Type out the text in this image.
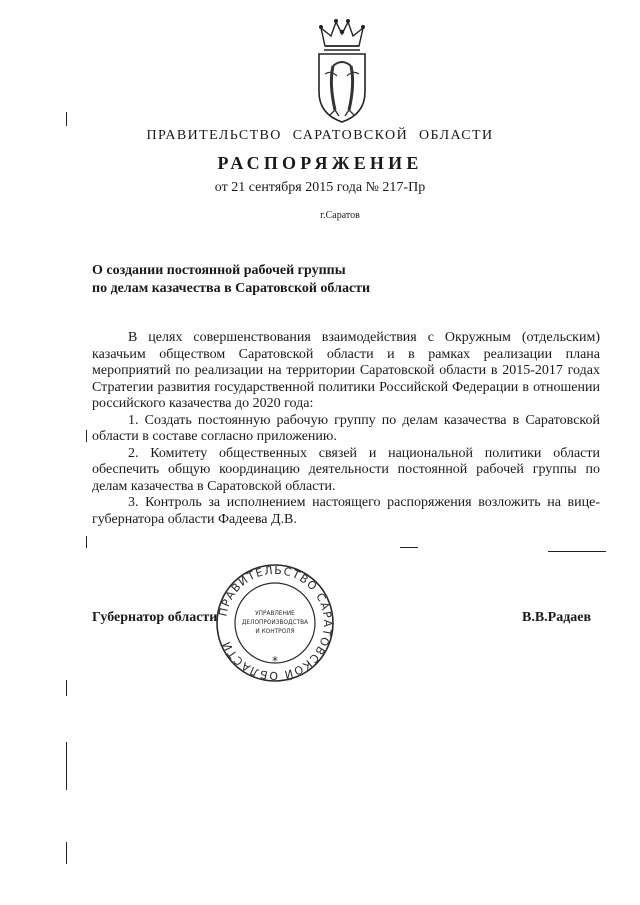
ПРАВИТЕЛЬСТВО САРАТОВСКОЙ ОБЛАСТИ
РАСПОРЯЖЕНИЕ
от 21 сентября 2015 года № 217-Пр
г.Саратов
О создании постоянной рабочей группы
по делам казачества в Саратовской области

В целях совершенствования взаимодействия с Окружным (отдельским) казачьим обществом Саратовской области и в рамках реализации плана мероприятий по реализации на территории Саратовской области в 2015-2017 годах Стратегии развития государственной политики Российской Федерации в отношении российского казачества до 2020 года:

1. Создать постоянную рабочую группу по делам казачества в Саратовской области в составе согласно приложению.

2. Комитету общественных связей и национальной политики области обеспечить общую координацию деятельности постоянной рабочей группы по делам казачества в Саратовской области.

3. Контроль за исполнением настоящего распоряжения возложить на вице-губернатора области Фадеева Д.В.

Губернатор области	В.В.Радаев
ПРАВИТЕЛЬСТВО САРАТОВСКОЙ ОБЛАСТИ
УПРАВЛЕНИЕ
ДЕЛОПРОИЗВОДСТВА
И КОНТРОЛЯ
*
